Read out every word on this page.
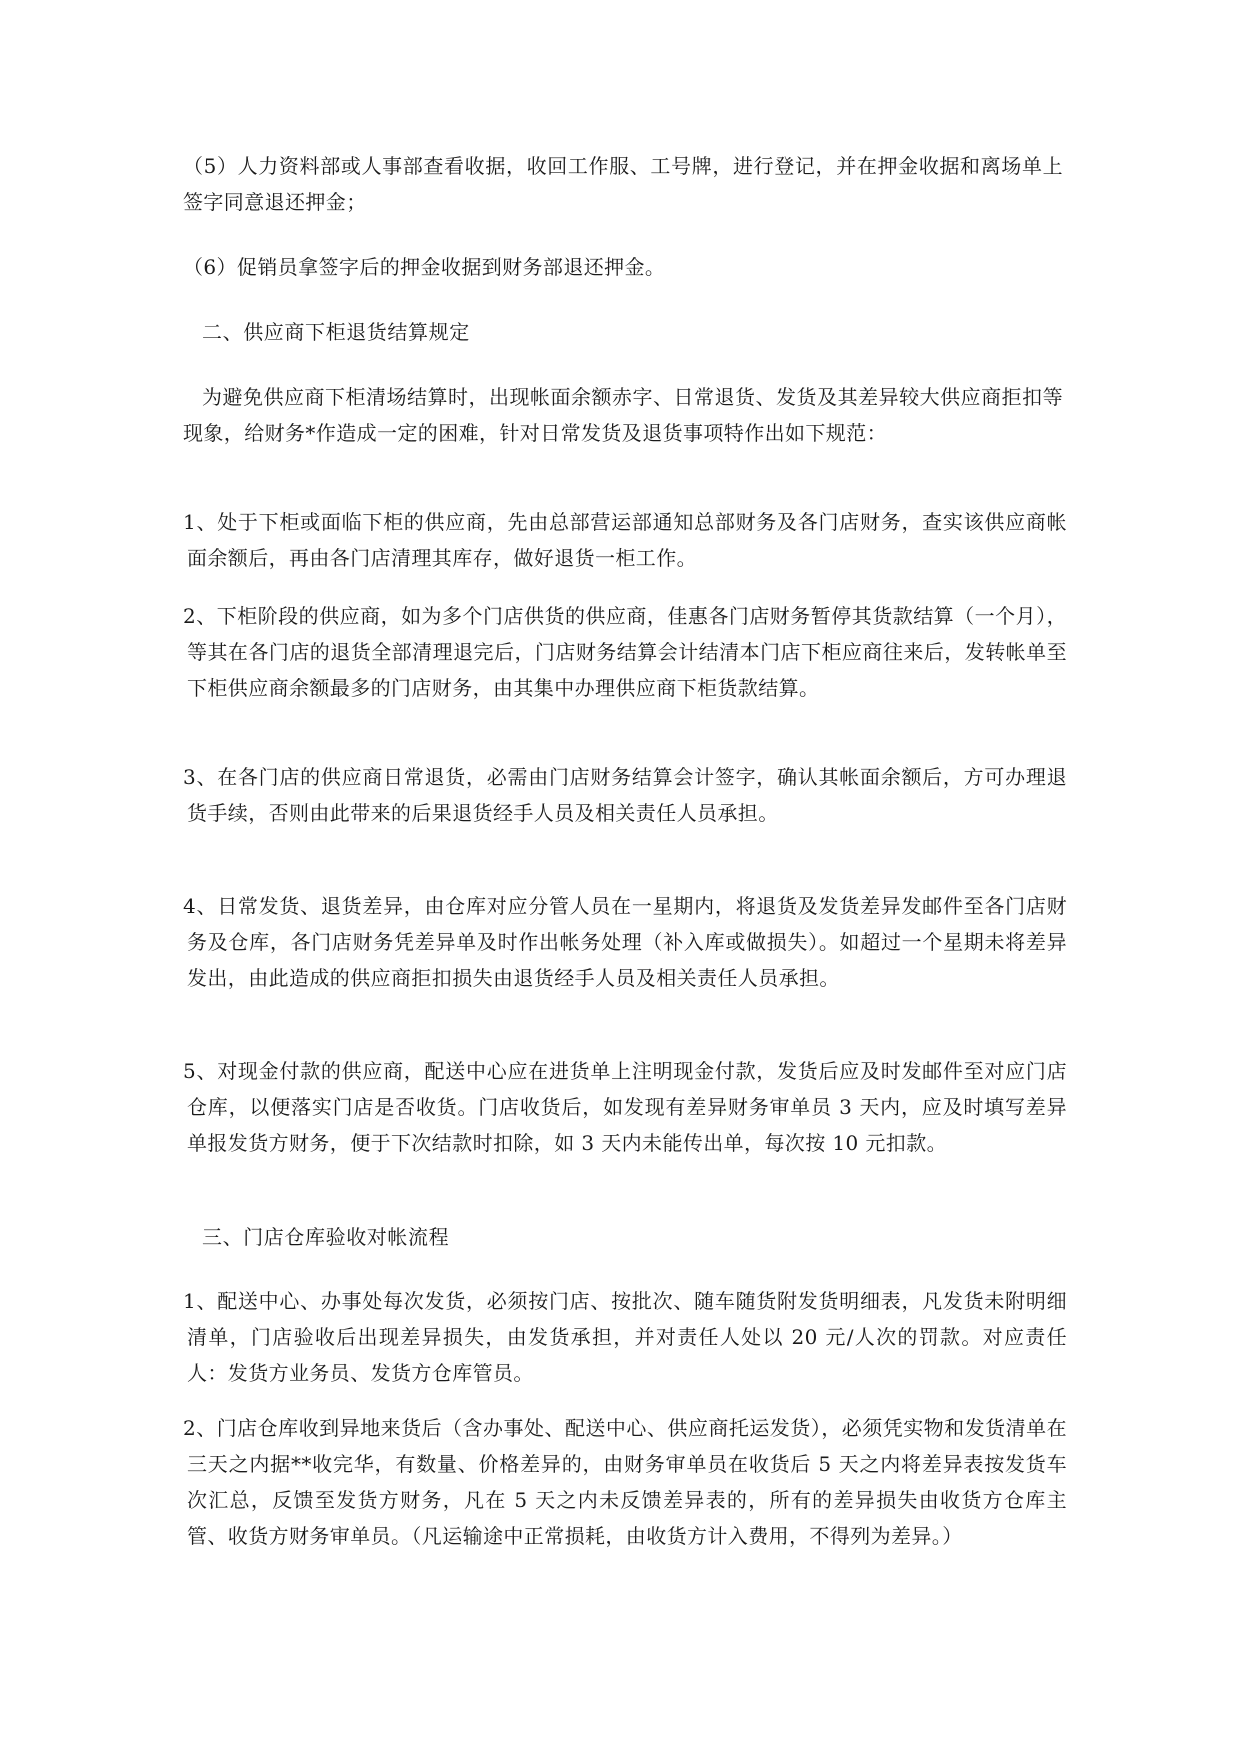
（5）人力资料部或人事部查看收据，收回工作服、工号牌，进行登记，并在押金收据和离场单上签字同意退还押金；

（6）促销员拿签字后的押金收据到财务部退还押金。

二、供应商下柜退货结算规定

为避免供应商下柜清场结算时，出现帐面余额赤字、日常退货、发货及其差异较大供应商拒扣等现象，给财务*作造成一定的困难，针对日常发货及退货事项特作出如下规范：

1、处于下柜或面临下柜的供应商，先由总部营运部通知总部财务及各门店财务，查实该供应商帐面余额后，再由各门店清理其库存，做好退货一柜工作。

2、下柜阶段的供应商，如为多个门店供货的供应商，佳惠各门店财务暂停其货款结算（一个月），等其在各门店的退货全部清理退完后，门店财务结算会计结清本门店下柜应商往来后，发转帐单至下柜供应商余额最多的门店财务，由其集中办理供应商下柜货款结算。

3、在各门店的供应商日常退货，必需由门店财务结算会计签字，确认其帐面余额后，方可办理退货手续，否则由此带来的后果退货经手人员及相关责任人员承担。

4、日常发货、退货差异，由仓库对应分管人员在一星期内，将退货及发货差异发邮件至各门店财务及仓库，各门店财务凭差异单及时作出帐务处理（补入库或做损失）。如超过一个星期未将差异发出，由此造成的供应商拒扣损失由退货经手人员及相关责任人员承担。

5、对现金付款的供应商，配送中心应在进货单上注明现金付款，发货后应及时发邮件至对应门店仓库，以便落实门店是否收货。门店收货后，如发现有差异财务审单员 3 天内，应及时填写差异单报发货方财务，便于下次结款时扣除，如 3 天内未能传出单，每次按 10 元扣款。

三、门店仓库验收对帐流程

1、配送中心、办事处每次发货，必须按门店、按批次、随车随货附发货明细表，凡发货未附明细清单，门店验收后出现差异损失，由发货承担，并对责任人处以 20 元/人次的罚款。对应责任人：发货方业务员、发货方仓库管员。

2、门店仓库收到异地来货后（含办事处、配送中心、供应商托运发货），必须凭实物和发货清单在三天之内据**收完华，有数量、价格差异的，由财务审单员在收货后 5 天之内将差异表按发货车次汇总，反馈至发货方财务，凡在 5 天之内未反馈差异表的，所有的差异损失由收货方仓库主管、收货方财务审单员。（凡运输途中正常损耗，由收货方计入费用，不得列为差异。）
